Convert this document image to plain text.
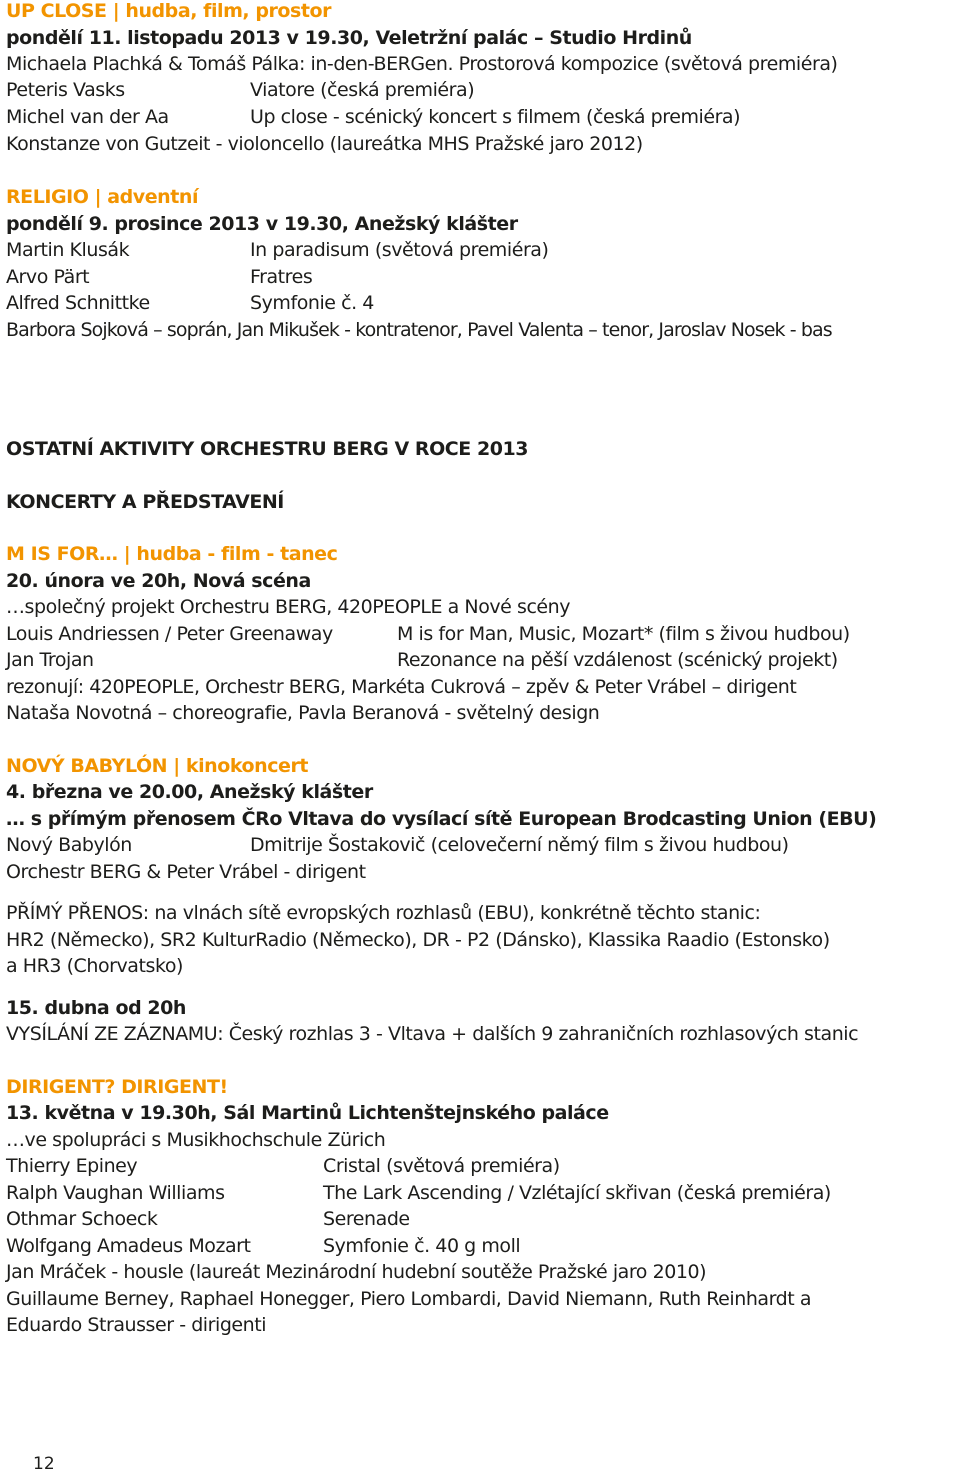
UP CLOSE | hudba, film, prostor
pondělí 11. listopadu 2013 v 19.30, Veletržní palác – Studio Hrdinů
Michaela Plachká & Tomáš Pálka: in-den-BERGen. Prostorová kompozice (světová premiéra)
Peteris Vasks	Viatore (česká premiéra)
Michel van der Aa	Up close - scénický koncert s filmem (česká premiéra)
Konstanze von Gutzeit - violoncello (laureátka MHS Pražské jaro 2012)
RELIGIO | adventní
pondělí 9. prosince 2013 v 19.30, Anežský klášter
Martin Klusák	In paradisum (světová premiéra)
Arvo Pärt	Fratres
Alfred Schnittke	Symfonie č. 4
Barbora Sojková – soprán, Jan Mikušek - kontratenor, Pavel Valenta – tenor, Jaroslav Nosek - bas
OSTATNÍ AKTIVITY ORCHESTRU BERG V ROCE 2013
KONCERTY A PŘEDSTAVENÍ
M IS FOR… | hudba - film - tanec
20. února ve 20h, Nová scéna
…společný projekt Orchestru BERG, 420PEOPLE a Nové scény
Louis Andriessen / Peter Greenaway	M is for Man, Music, Mozart* (film s živou hudbou)
Jan Trojan	Rezonance na pěší vzdálenost (scénický projekt)
rezonují: 420PEOPLE, Orchestr BERG, Markéta Cukrová – zpěv & Peter Vrábel – dirigent
Nataša Novotná – choreografie, Pavla Beranová - světelný design
NOVÝ BABYLÓN | kinokoncert
4. března ve 20.00, Anežský klášter
… s přímým přenosem ČRo Vltava do vysílací sítě European Brodcasting Union (EBU)
Nový Babylón	Dmitrije Šostakovič (celovečerní němý film s živou hudbou)
Orchestr BERG & Peter Vrábel - dirigent
PŘÍMÝ PŘENOS: na vlnách sítě evropských rozhlasů (EBU), konkrétně těchto stanic:
HR2 (Německo), SR2 KulturRadio (Německo), DR - P2 (Dánsko), Klassika Raadio (Estonsko)
a HR3 (Chorvatsko)
15. dubna od 20h
VYSÍLÁNÍ ZE ZÁZNAMU: Český rozhlas 3 - Vltava + dalších 9 zahraničních rozhlasových stanic
DIRIGENT? DIRIGENT!
13. května v 19.30h, Sál Martinů Lichtenštejnského paláce
…ve spolupráci s Musikhochschule Zürich
Thierry Epiney	Cristal (světová premiéra)
Ralph Vaughan Williams	The Lark Ascending / Vzlétající skřivan (česká premiéra)
Othmar Schoeck	Serenade
Wolfgang Amadeus Mozart	Symfonie č. 40 g moll
Jan Mráček - housle (laureát Mezinárodní hudební soutěže Pražské jaro 2010)
Guillaume Berney, Raphael Honegger, Piero Lombardi, David Niemann, Ruth Reinhardt a
Eduardo Strausser - dirigenti
12
